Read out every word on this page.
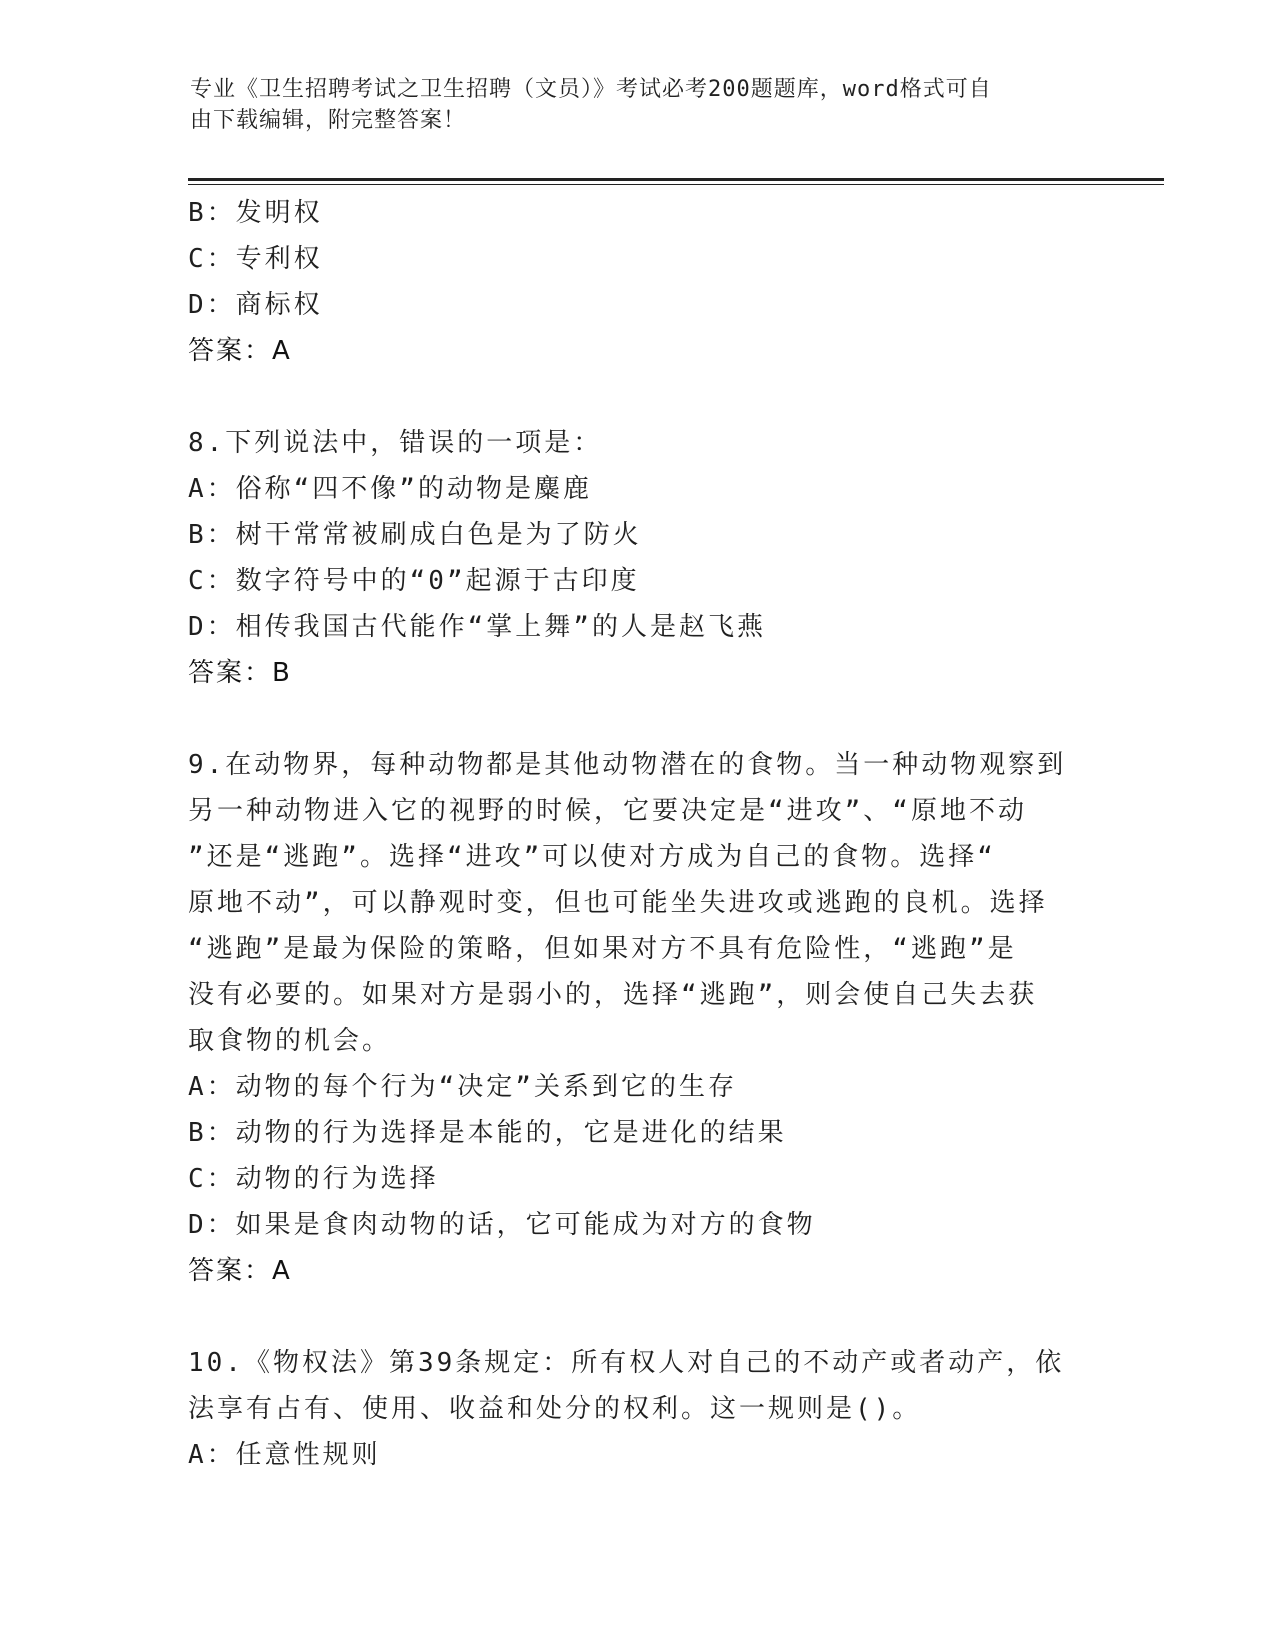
专业《卫生招聘考试之卫生招聘（文员）》考试必考200题题库，word格式可自
由下载编辑，附完整答案！
B：发明权
C：专利权
D：商标权
答案：A
8.下列说法中，错误的一项是：
A：俗称“四不像”的动物是麋鹿
B：树干常常被刷成白色是为了防火
C：数字符号中的“0”起源于古印度
D：相传我国古代能作“掌上舞”的人是赵飞燕
答案：B
9.在动物界，每种动物都是其他动物潜在的食物。当一种动物观察到
另一种动物进入它的视野的时候，它要决定是“进攻”、“原地不动
”还是“逃跑”。选择“进攻”可以使对方成为自己的食物。选择“
原地不动”，可以静观时变，但也可能坐失进攻或逃跑的良机。选择
“逃跑”是最为保险的策略，但如果对方不具有危险性，“逃跑”是
没有必要的。如果对方是弱小的，选择“逃跑”，则会使自己失去获
取食物的机会。
A：动物的每个行为“决定”关系到它的生存
B：动物的行为选择是本能的，它是进化的结果
C：动物的行为选择
D：如果是食肉动物的话，它可能成为对方的食物
答案：A
10.《物权法》第39条规定：所有权人对自己的不动产或者动产，依
法享有占有、使用、收益和处分的权利。这一规则是()。
A：任意性规则
